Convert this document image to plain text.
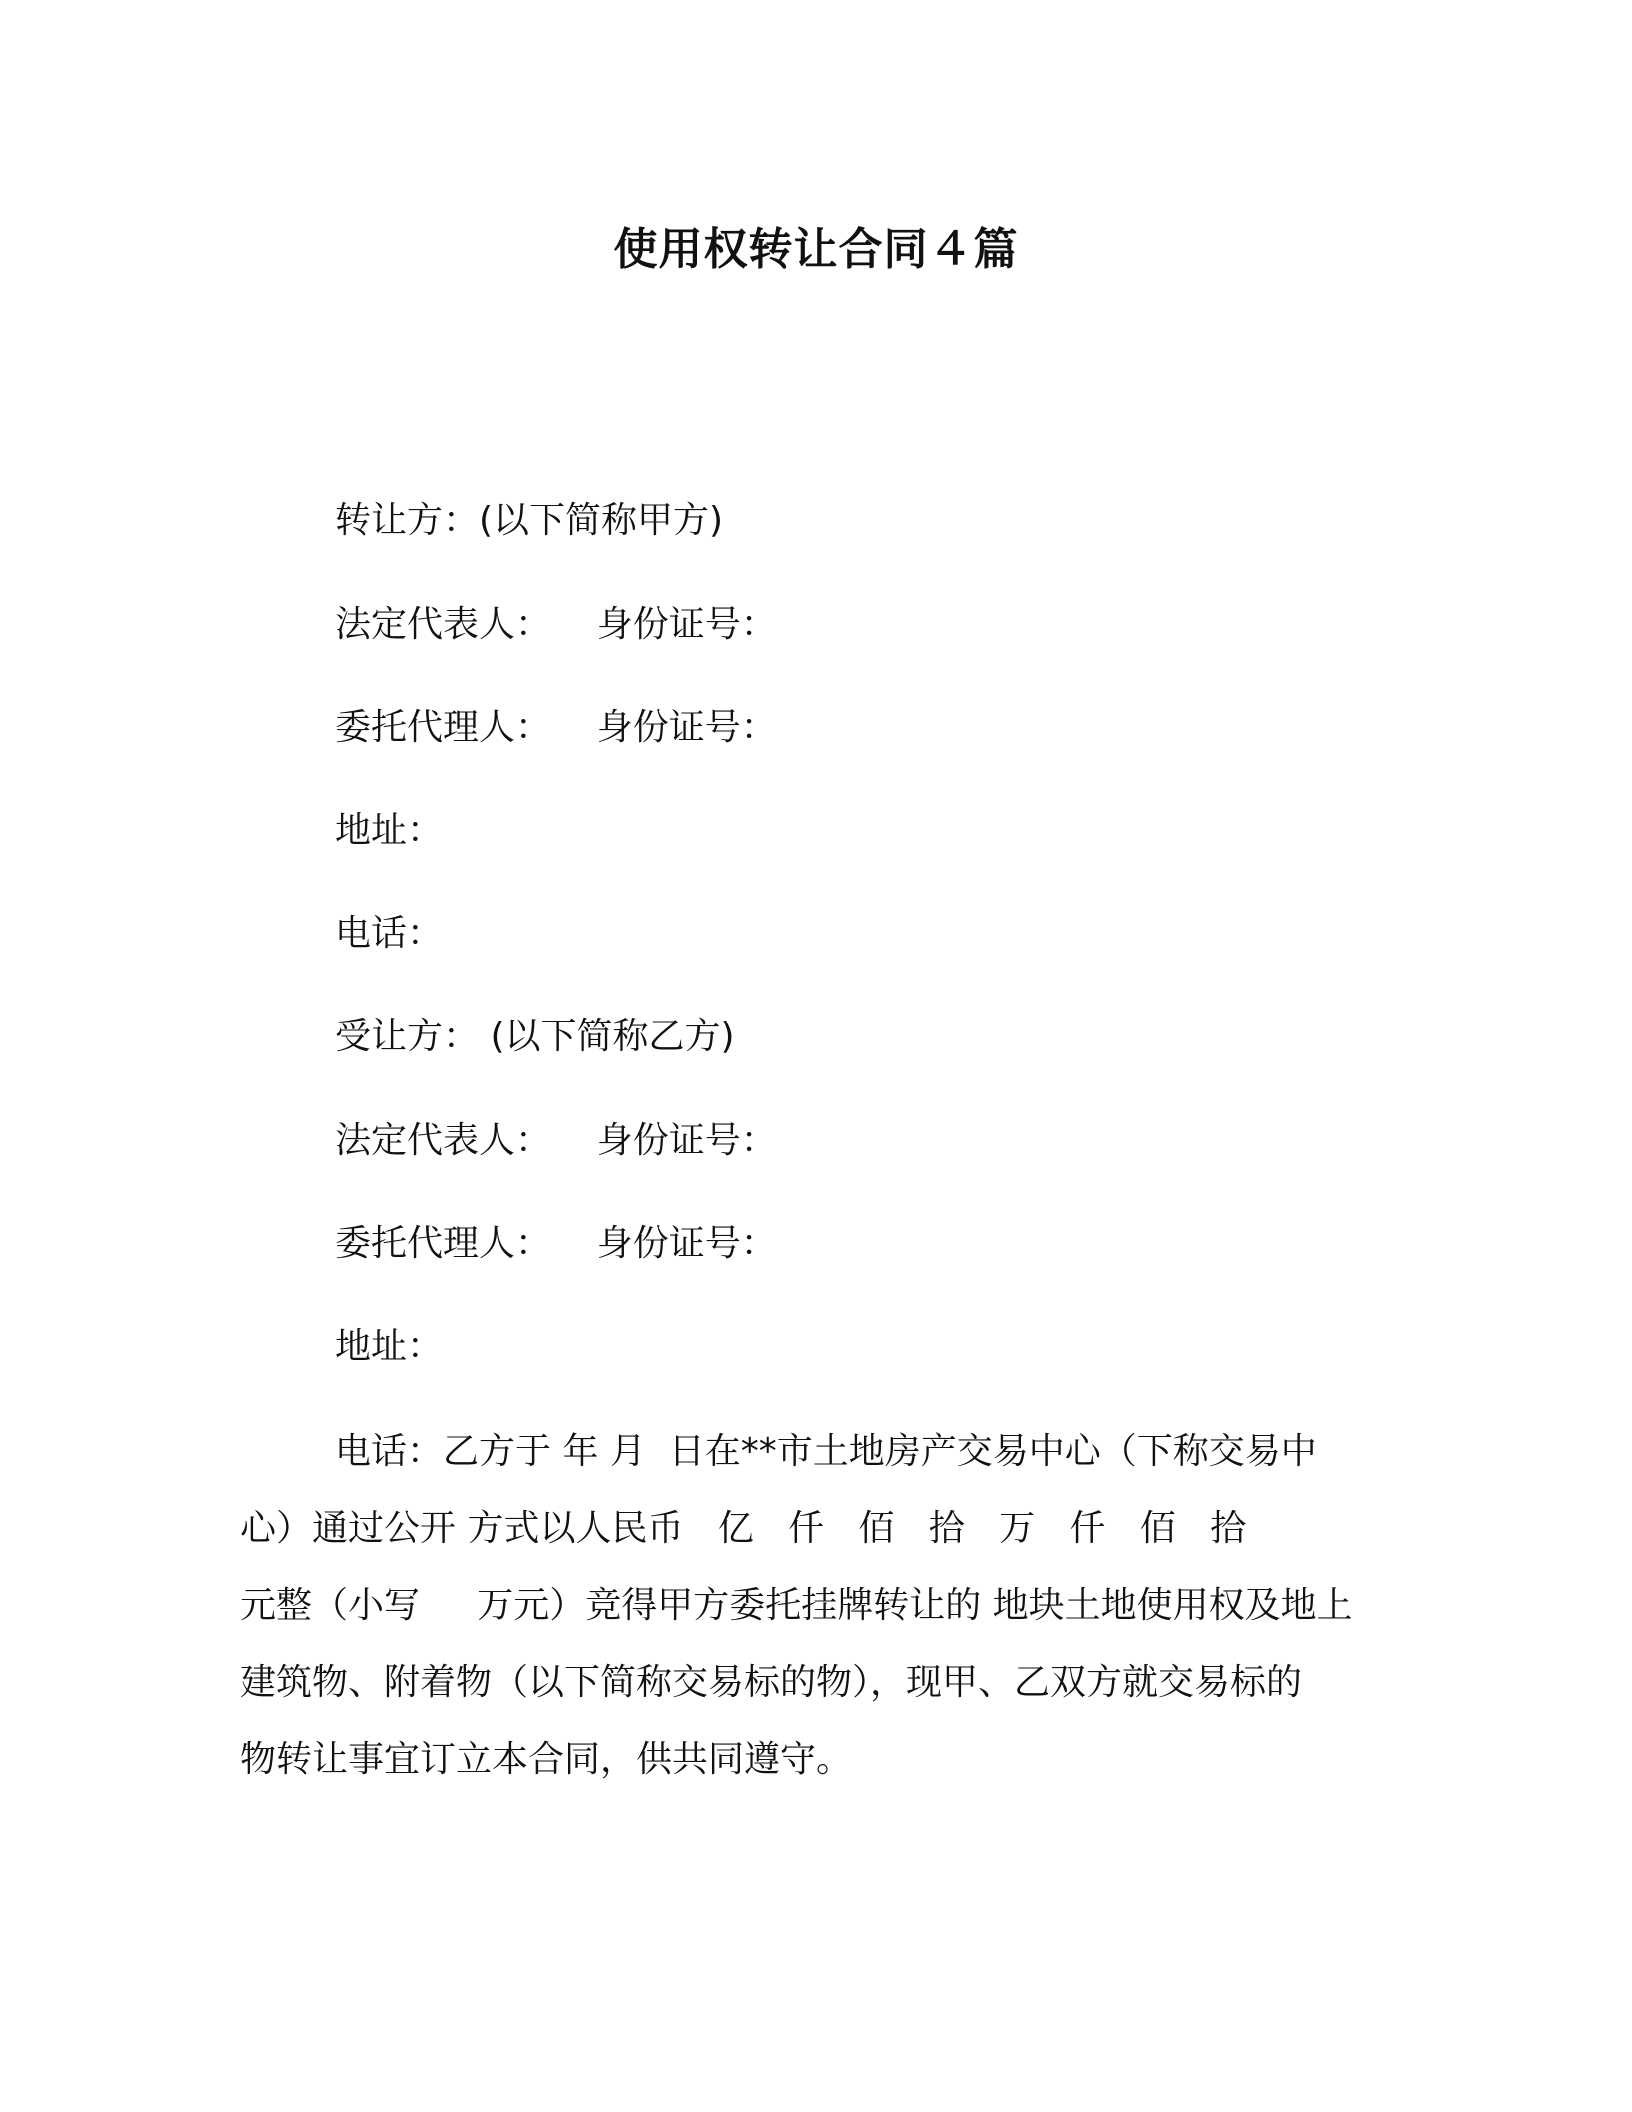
使用权转让合同４篇

转让方：(以下简称甲方)

法定代表人：    身份证号：

委托代理人：    身份证号：

地址：

电话：

受让方： (以下简称乙方)

法定代表人：    身份证号：

委托代理人：    身份证号：

地址：

电话：乙方于 年 月  日在**市土地房产交易中心（下称交易中
心）通过公开 方式以人民币   亿   仟   佰   拾   万   仟   佰   拾
元整（小写     万元）竞得甲方委托挂牌转让的 地块土地使用权及地上
建筑物、附着物（以下简称交易标的物），现甲、乙双方就交易标的
物转让事宜订立本合同，供共同遵守。
